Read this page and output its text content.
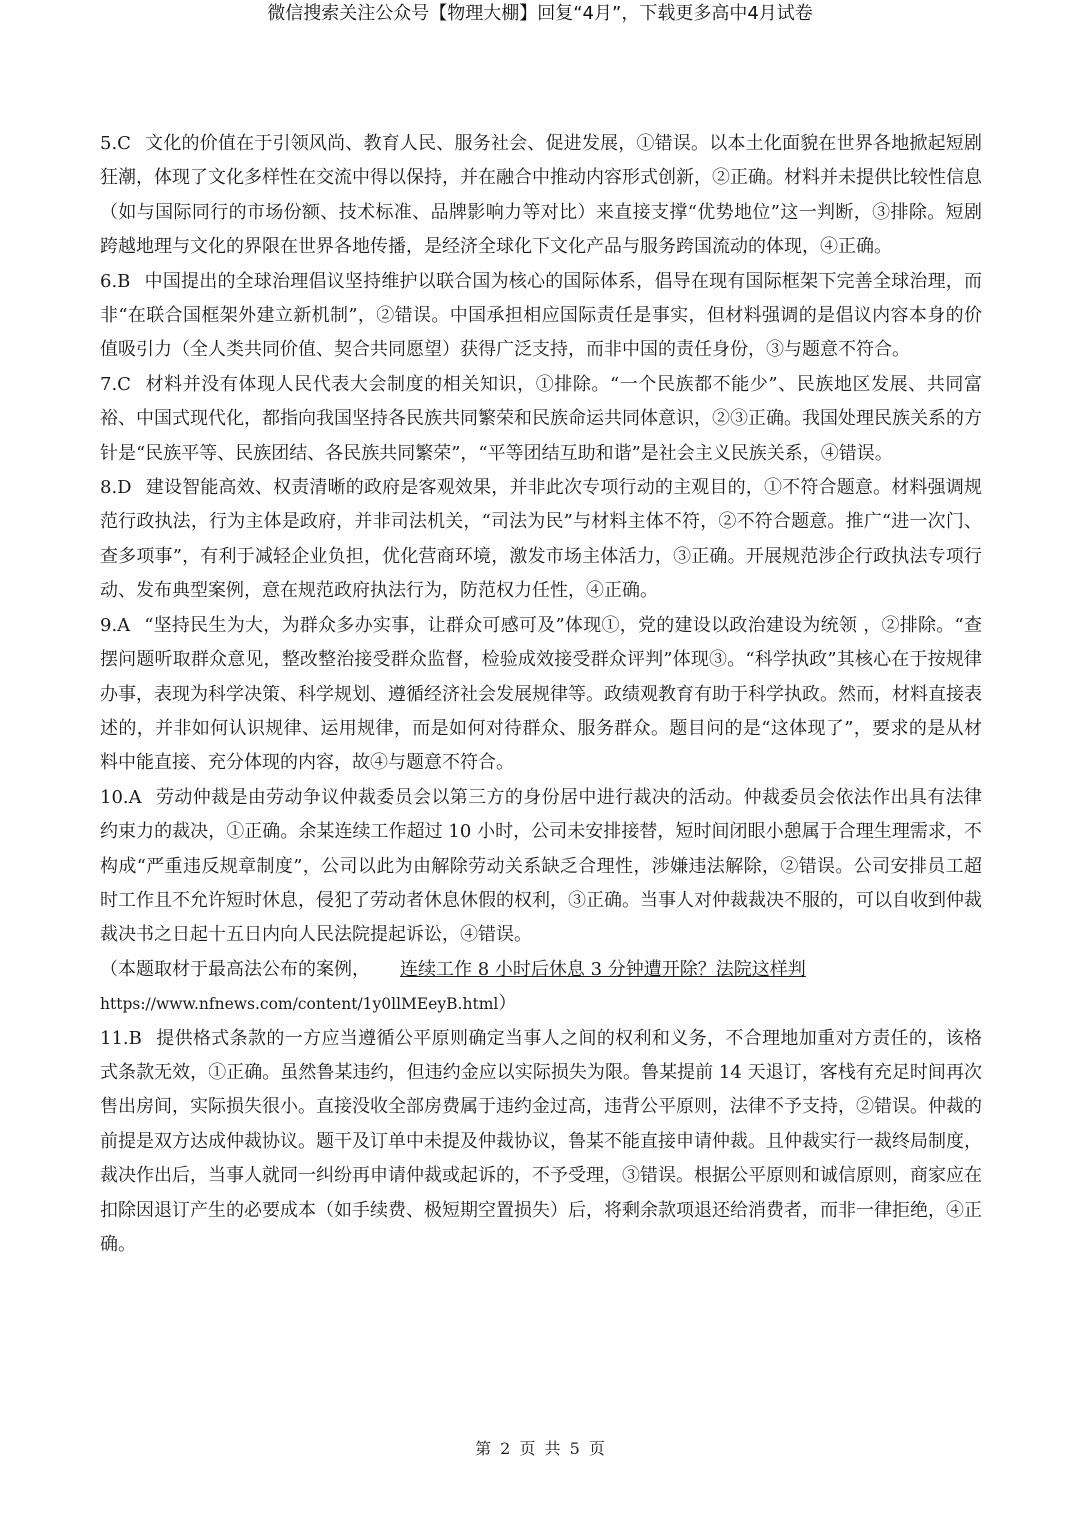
微信搜索关注公众号【物理大棚】回复“4月”，下载更多高中4月试卷

5.C 文化的价值在于引领风尚、教育人民、服务社会、促进发展，①错误。以本土化面貌在世界各地掀起短剧狂潮，体现了文化多样性在交流中得以保持，并在融合中推动内容形式创新，②正确。材料并未提供比较性信息（如与国际同行的市场份额、技术标准、品牌影响力等对比）来直接支撑“优势地位”这一判断，③排除。短剧跨越地理与文化的界限在世界各地传播，是经济全球化下文化产品与服务跨国流动的体现，④正确。

6.B 中国提出的全球治理倡议坚持维护以联合国为核心的国际体系，倡导在现有国际框架下完善全球治理，而非“在联合国框架外建立新机制”，②错误。中国承担相应国际责任是事实，但材料强调的是倡议内容本身的价值吸引力（全人类共同价值、契合共同愿望）获得广泛支持，而非中国的责任身份，③与题意不符合。

7.C 材料并没有体现人民代表大会制度的相关知识，①排除。“一个民族都不能少”、民族地区发展、共同富裕、中国式现代化，都指向我国坚持各民族共同繁荣和民族命运共同体意识，②③正确。我国处理民族关系的方针是“民族平等、民族团结、各民族共同繁荣”，“平等团结互助和谐”是社会主义民族关系，④错误。

8.D 建设智能高效、权责清晰的政府是客观效果，并非此次专项行动的主观目的，①不符合题意。材料强调规范行政执法，行为主体是政府，并非司法机关，“司法为民”与材料主体不符，②不符合题意。推广“进一次门、查多项事”，有利于减轻企业负担，优化营商环境，激发市场主体活力，③正确。开展规范涉企行政执法专项行动、发布典型案例，意在规范政府执法行为，防范权力任性，④正确。

9.A “坚持民生为大，为群众多办实事，让群众可感可及”体现①，党的建设以政治建设为统领 ，②排除。“查摆问题听取群众意见，整改整治接受群众监督，检验成效接受群众评判”体现③。“科学执政”其核心在于按规律办事，表现为科学决策、科学规划、遵循经济社会发展规律等。政绩观教育有助于科学执政。然而，材料直接表述的，并非如何认识规律、运用规律，而是如何对待群众、服务群众。题目问的是“这体现了”，要求的是从材料中能直接、充分体现的内容，故④与题意不符合。

10.A 劳动仲裁是由劳动争议仲裁委员会以第三方的身份居中进行裁决的活动。仲裁委员会依法作出具有法律约束力的裁决，①正确。余某连续工作超过 10 小时，公司未安排接替，短时间闭眼小憩属于合理生理需求，不构成“严重违反规章制度”，公司以此为由解除劳动关系缺乏合理性，涉嫌违法解除，②错误。公司安排员工超时工作且不允许短时休息，侵犯了劳动者休息休假的权利，③正确。当事人对仲裁裁决不服的，可以自收到仲裁裁决书之日起十五日内向人民法院提起诉讼，④错误。

（本题取材于最高法公布的案例， 连续工作 8 小时后休息 3 分钟遭开除？法院这样判
https://www.nfnews.com/content/1y0llMEeyB.html）

11.B 提供格式条款的一方应当遵循公平原则确定当事人之间的权利和义务，不合理地加重对方责任的，该格式条款无效，①正确。虽然鲁某违约，但违约金应以实际损失为限。鲁某提前 14 天退订，客栈有充足时间再次售出房间，实际损失很小。直接没收全部房费属于违约金过高，违背公平原则，法律不予支持，②错误。仲裁的前提是双方达成仲裁协议。题干及订单中未提及仲裁协议，鲁某不能直接申请仲裁。且仲裁实行一裁终局制度，裁决作出后，当事人就同一纠纷再申请仲裁或起诉的，不予受理，③错误。根据公平原则和诚信原则，商家应在扣除因退订产生的必要成本（如手续费、极短期空置损失）后，将剩余款项退还给消费者，而非一律拒绝，④正确。

第 2 页 共 5 页
